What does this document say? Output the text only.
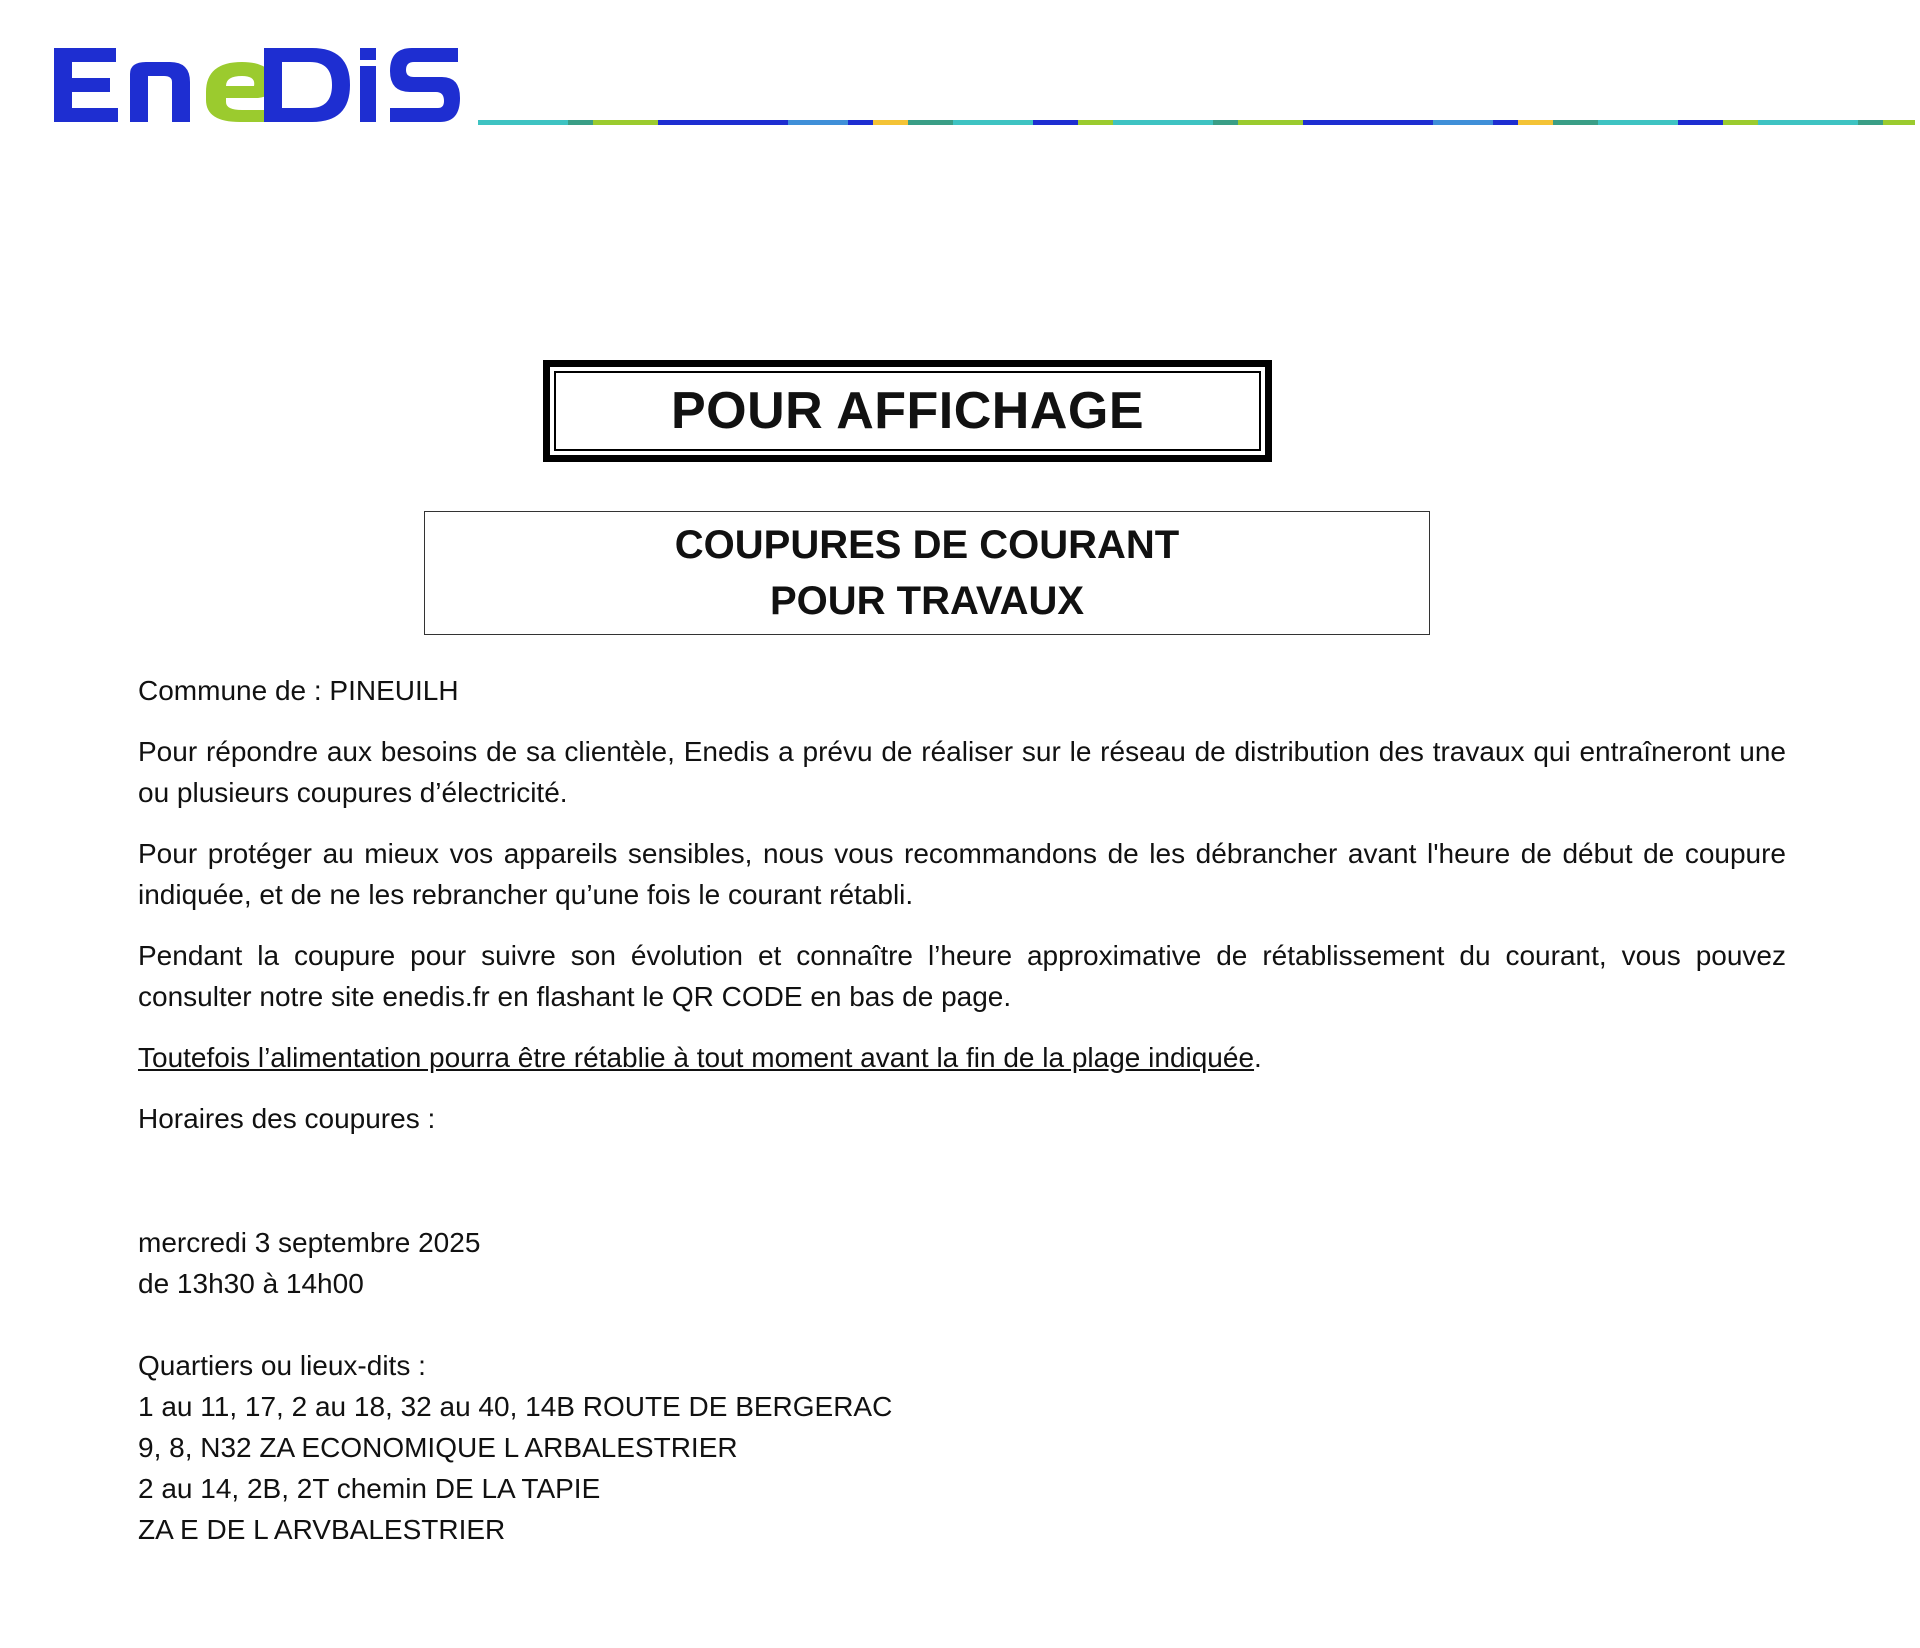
POUR AFFICHAGE
COUPURES DE COURANT
POUR TRAVAUX

Commune de : PINEUILH

Pour répondre aux besoins de sa clientèle, Enedis a prévu de réaliser sur le réseau de distribution des travaux qui entraîneront une ou plusieurs coupures d’électricité.

Pour protéger au mieux vos appareils sensibles, nous vous recommandons de les débrancher avant l'heure de début de coupure indiquée, et de ne les rebrancher qu’une fois le courant rétabli.

Pendant la coupure pour suivre son évolution et connaître l’heure approximative de rétablissement du courant, vous pouvez consulter notre site enedis.fr en flashant le QR CODE en bas de page.

Toutefois l’alimentation pourra être rétablie à tout moment avant la fin de la plage indiquée.

Horaires des coupures :

mercredi 3 septembre 2025
de 13h30 à 14h00
Quartiers ou lieux-dits :
1 au 11, 17, 2 au 18, 32 au 40, 14B ROUTE DE BERGERAC
9, 8, N32 ZA ECONOMIQUE L ARBALESTRIER
2 au 14, 2B, 2T chemin DE LA TAPIE
ZA E DE L ARVBALESTRIER
